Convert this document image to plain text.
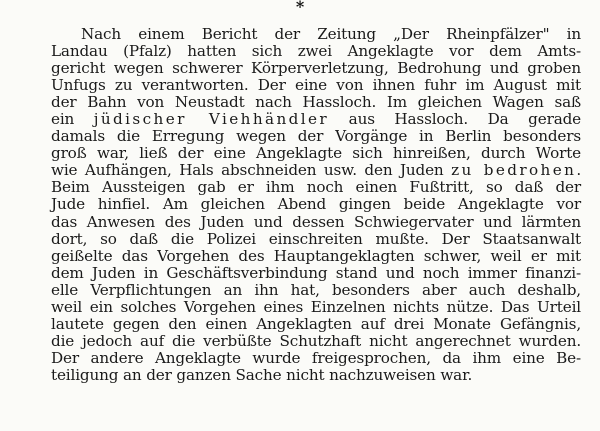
*
Nach einem Bericht der Zeitung „Der Rheinpfälzer" in
Landau (Pfalz) hatten sich zwei Angeklagte vor dem Amts-
gericht wegen schwerer Körperverletzung, Bedrohung und groben
Unfugs zu verantworten. Der eine von ihnen fuhr im August mit
der Bahn von Neustadt nach Hassloch. Im gleichen Wagen saß
ein jüdischer Viehhändler aus Hassloch. Da gerade
damals die Erregung wegen der Vorgänge in Berlin besonders
groß war, ließ der eine Angeklagte sich hinreißen, durch Worte
wie Aufhängen, Hals abschneiden usw. den Juden zu bedrohen.
Beim Aussteigen gab er ihm noch einen Fußtritt, so daß der
Jude hinfiel. Am gleichen Abend gingen beide Angeklagte vor
das Anwesen des Juden und dessen Schwiegervater und lärmten
dort, so daß die Polizei einschreiten mußte. Der Staatsanwalt
geißelte das Vorgehen des Hauptangeklagten schwer, weil er mit
dem Juden in Geschäftsverbindung stand und noch immer finanzi-
elle Verpflichtungen an ihn hat, besonders aber auch deshalb,
weil ein solches Vorgehen eines Einzelnen nichts nütze. Das Urteil
lautete gegen den einen Angeklagten auf drei Monate Gefängnis,
die jedoch auf die verbüßte Schutzhaft nicht angerechnet wurden.
Der andere Angeklagte wurde freigesprochen, da ihm eine Be-
teiligung an der ganzen Sache nicht nachzuweisen war.
